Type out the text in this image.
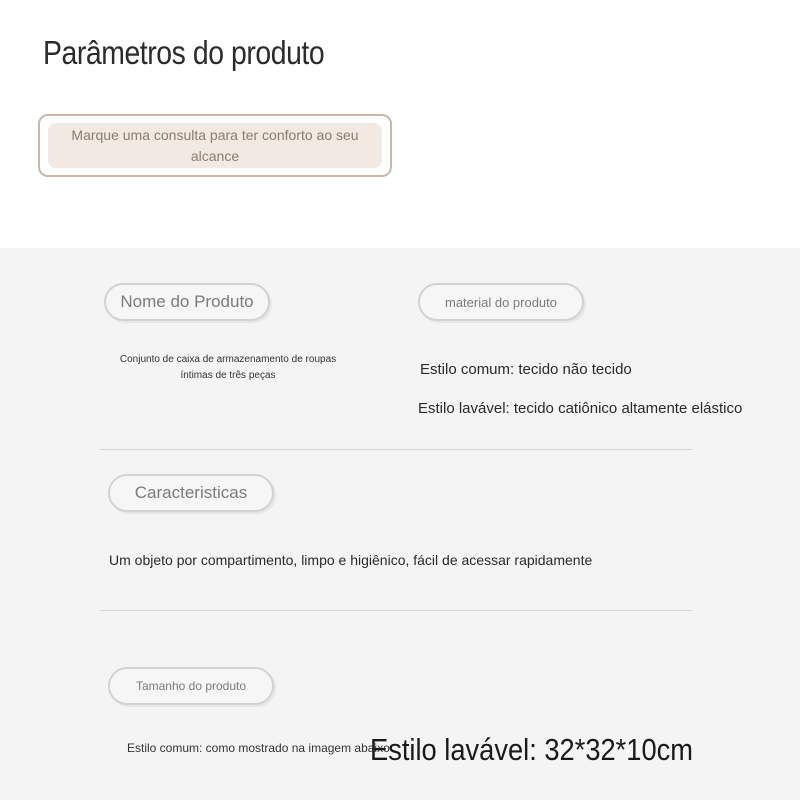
Parâmetros do produto
Marque uma consulta para ter conforto ao seu alcance
Nome do Produto
Conjunto de caixa de armazenamento de roupas íntimas de três peças
material do produto
Estilo comum: tecido não tecido
Estilo lavável: tecido catiônico altamente elástico
Caracteristicas
Um objeto por compartimento, limpo e higiênico, fácil de acessar rapidamente
Tamanho do produto
Estilo comum: como mostrado na imagem abaixo
Estilo lavável: 32*32*10cm
